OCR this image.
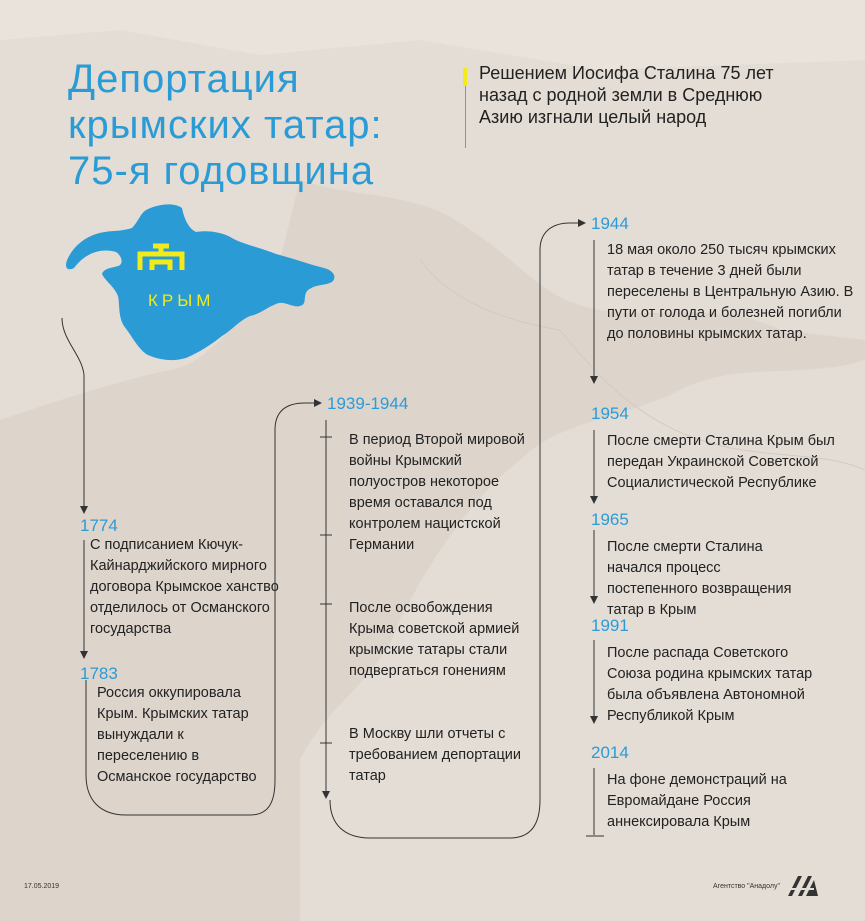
Депортация
крымских татар:
75-я годовщина
Решением Иосифа Сталина 75 лет назад с родной земли в Среднюю Азию изгнали целый народ
КРЫМ
1774
С подписанием Кючук-Кайнарджийского мирного договора Крымское ханство отделилось от Османского государства
1783
Россия оккупировала Крым. Крымских татар вынуждали к переселению в Османское государство
1939-1944
В период Второй мировой войны Крымский полуостров некоторое время оставался под контролем нацистской Германии
После освобождения Крыма советской армией крымские татары стали подвергаться гонениям
В Москву шли отчеты с требованием депортации татар
1944
18 мая около 250 тысяч крымских татар в течение 3 дней были переселены в Центральную Азию. В пути от голода и болезней погибли до половины крымских татар.
1954
После смерти Сталина Крым был передан Украинской Советской Социалистической Республике
1965
После смерти Сталина начался процесс постепенного возвращения татар в Крым
1991
После распада Советского Союза родина крымских татар была объявлена Автономной Республикой Крым
2014
На фоне демонстраций на Евромайдане Россия аннексировала Крым
17.05.2019	Агентство "Анадолу"
